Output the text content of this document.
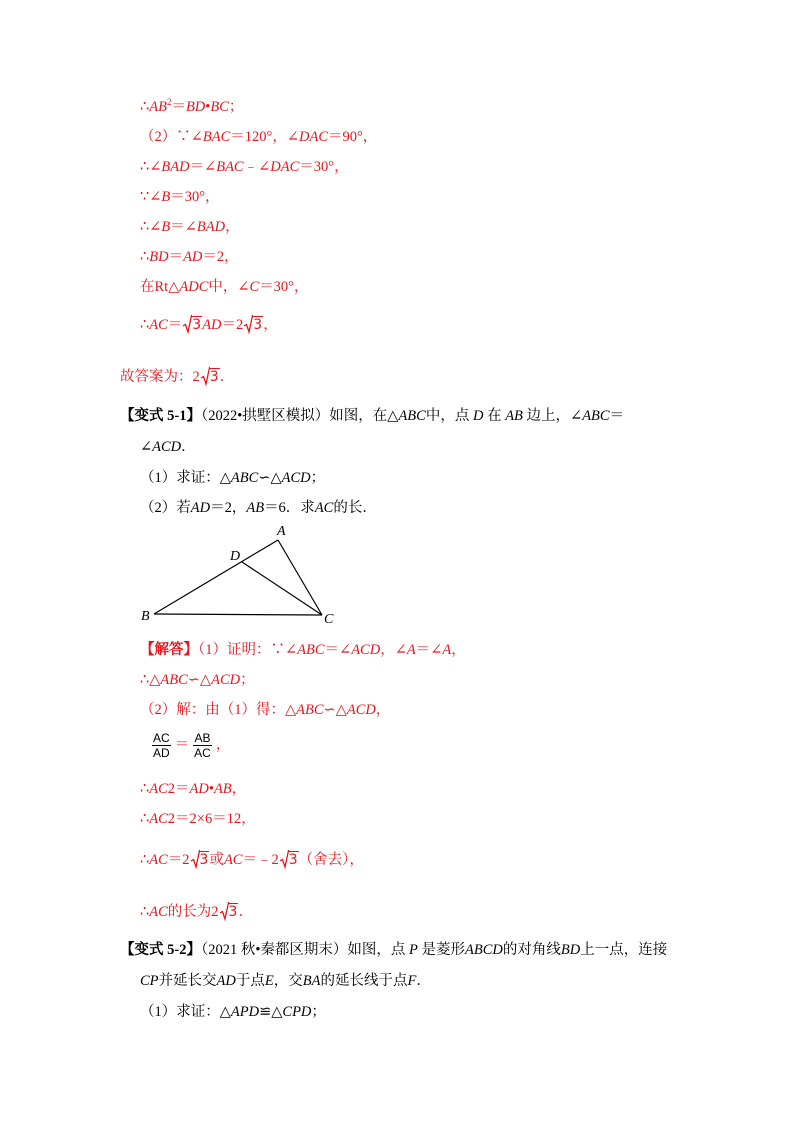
$\therefore AB^2=BD•BC$；
（2）∵∠BAC＝120°，∠DAC＝90°，
∴∠BAD＝∠BAC﹣∠DAC＝30°，
∵∠B＝30°，
∴∠B＝∠BAD，
∴BD＝AD＝2，
在Rt△ADC中，∠C＝30°，
∴AC＝ 3AD＝2 3，
故答案为：2 3．
【变式 5-1】（2022•拱墅区模拟）如图，在△ABC中，点 D 在 AB 边上，∠ABC＝
∠ACD．
（1）求证：△ABC∽△ACD；
（2）若AD＝2，AB＝6．求AC的长．
A
D
B	C
【解答】（1）证明：∵∠ABC＝∠ACD，∠A＝∠A，
∴△ABC∽△ACD；
（2）解：由（1）得：△ABC∽△ACD，
$\frac{AC}{AD} = \frac{AB}{AC}$ ，
∴AC2＝AD•AB，
∴AC2＝2×6＝12，
∴AC＝2 3或AC＝﹣2 3（舍去），
∴AC的长为2 3．
【变式 5-2】（2021 秋•秦都区期末）如图，点 P 是菱形ABCD的对角线BD上一点，连接
CP并延长交AD于点E，交BA的延长线于点F．
（1）求证：△APD≌△CPD；
